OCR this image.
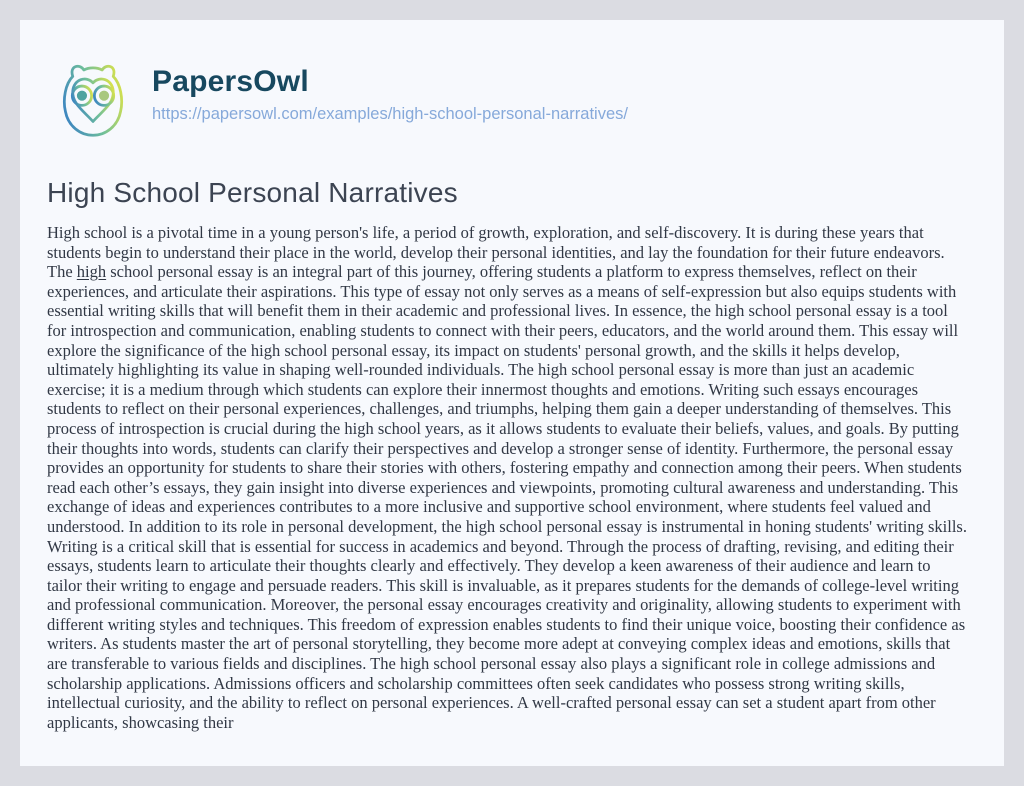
PapersOwl
https://papersowl.com/examples/high-school-personal-narratives/
High School Personal Narratives
High school is a pivotal time in a young person's life, a period of growth, exploration, and self-discovery. It is during these years that students begin to understand their place in the world, develop their personal identities, and lay the foundation for their future endeavors. The high school personal essay is an integral part of this journey, offering students a platform to express themselves, reflect on their experiences, and articulate their aspirations. This type of essay not only serves as a means of self-expression but also equips students with essential writing skills that will benefit them in their academic and professional lives. In essence, the high school personal essay is a tool for introspection and communication, enabling students to connect with their peers, educators, and the world around them. This essay will explore the significance of the high school personal essay, its impact on students' personal growth, and the skills it helps develop, ultimately highlighting its value in shaping well-rounded individuals. The high school personal essay is more than just an academic exercise; it is a medium through which students can explore their innermost thoughts and emotions. Writing such essays encourages students to reflect on their personal experiences, challenges, and triumphs, helping them gain a deeper understanding of themselves. This process of introspection is crucial during the high school years, as it allows students to evaluate their beliefs, values, and goals. By putting their thoughts into words, students can clarify their perspectives and develop a stronger sense of identity. Furthermore, the personal essay provides an opportunity for students to share their stories with others, fostering empathy and connection among their peers. When students read each other’s essays, they gain insight into diverse experiences and viewpoints, promoting cultural awareness and understanding. This exchange of ideas and experiences contributes to a more inclusive and supportive school environment, where students feel valued and understood. In addition to its role in personal development, the high school personal essay is instrumental in honing students' writing skills. Writing is a critical skill that is essential for success in academics and beyond. Through the process of drafting, revising, and editing their essays, students learn to articulate their thoughts clearly and effectively. They develop a keen awareness of their audience and learn to tailor their writing to engage and persuade readers. This skill is invaluable, as it prepares students for the demands of college-level writing and professional communication. Moreover, the personal essay encourages creativity and originality, allowing students to experiment with different writing styles and techniques. This freedom of expression enables students to find their unique voice, boosting their confidence as writers. As students master the art of personal storytelling, they become more adept at conveying complex ideas and emotions, skills that are transferable to various fields and disciplines. The high school personal essay also plays a significant role in college admissions and scholarship applications. Admissions officers and scholarship committees often seek candidates who possess strong writing skills, intellectual curiosity, and the ability to reflect on personal experiences. A well-crafted personal essay can set a student apart from other applicants, showcasing their
